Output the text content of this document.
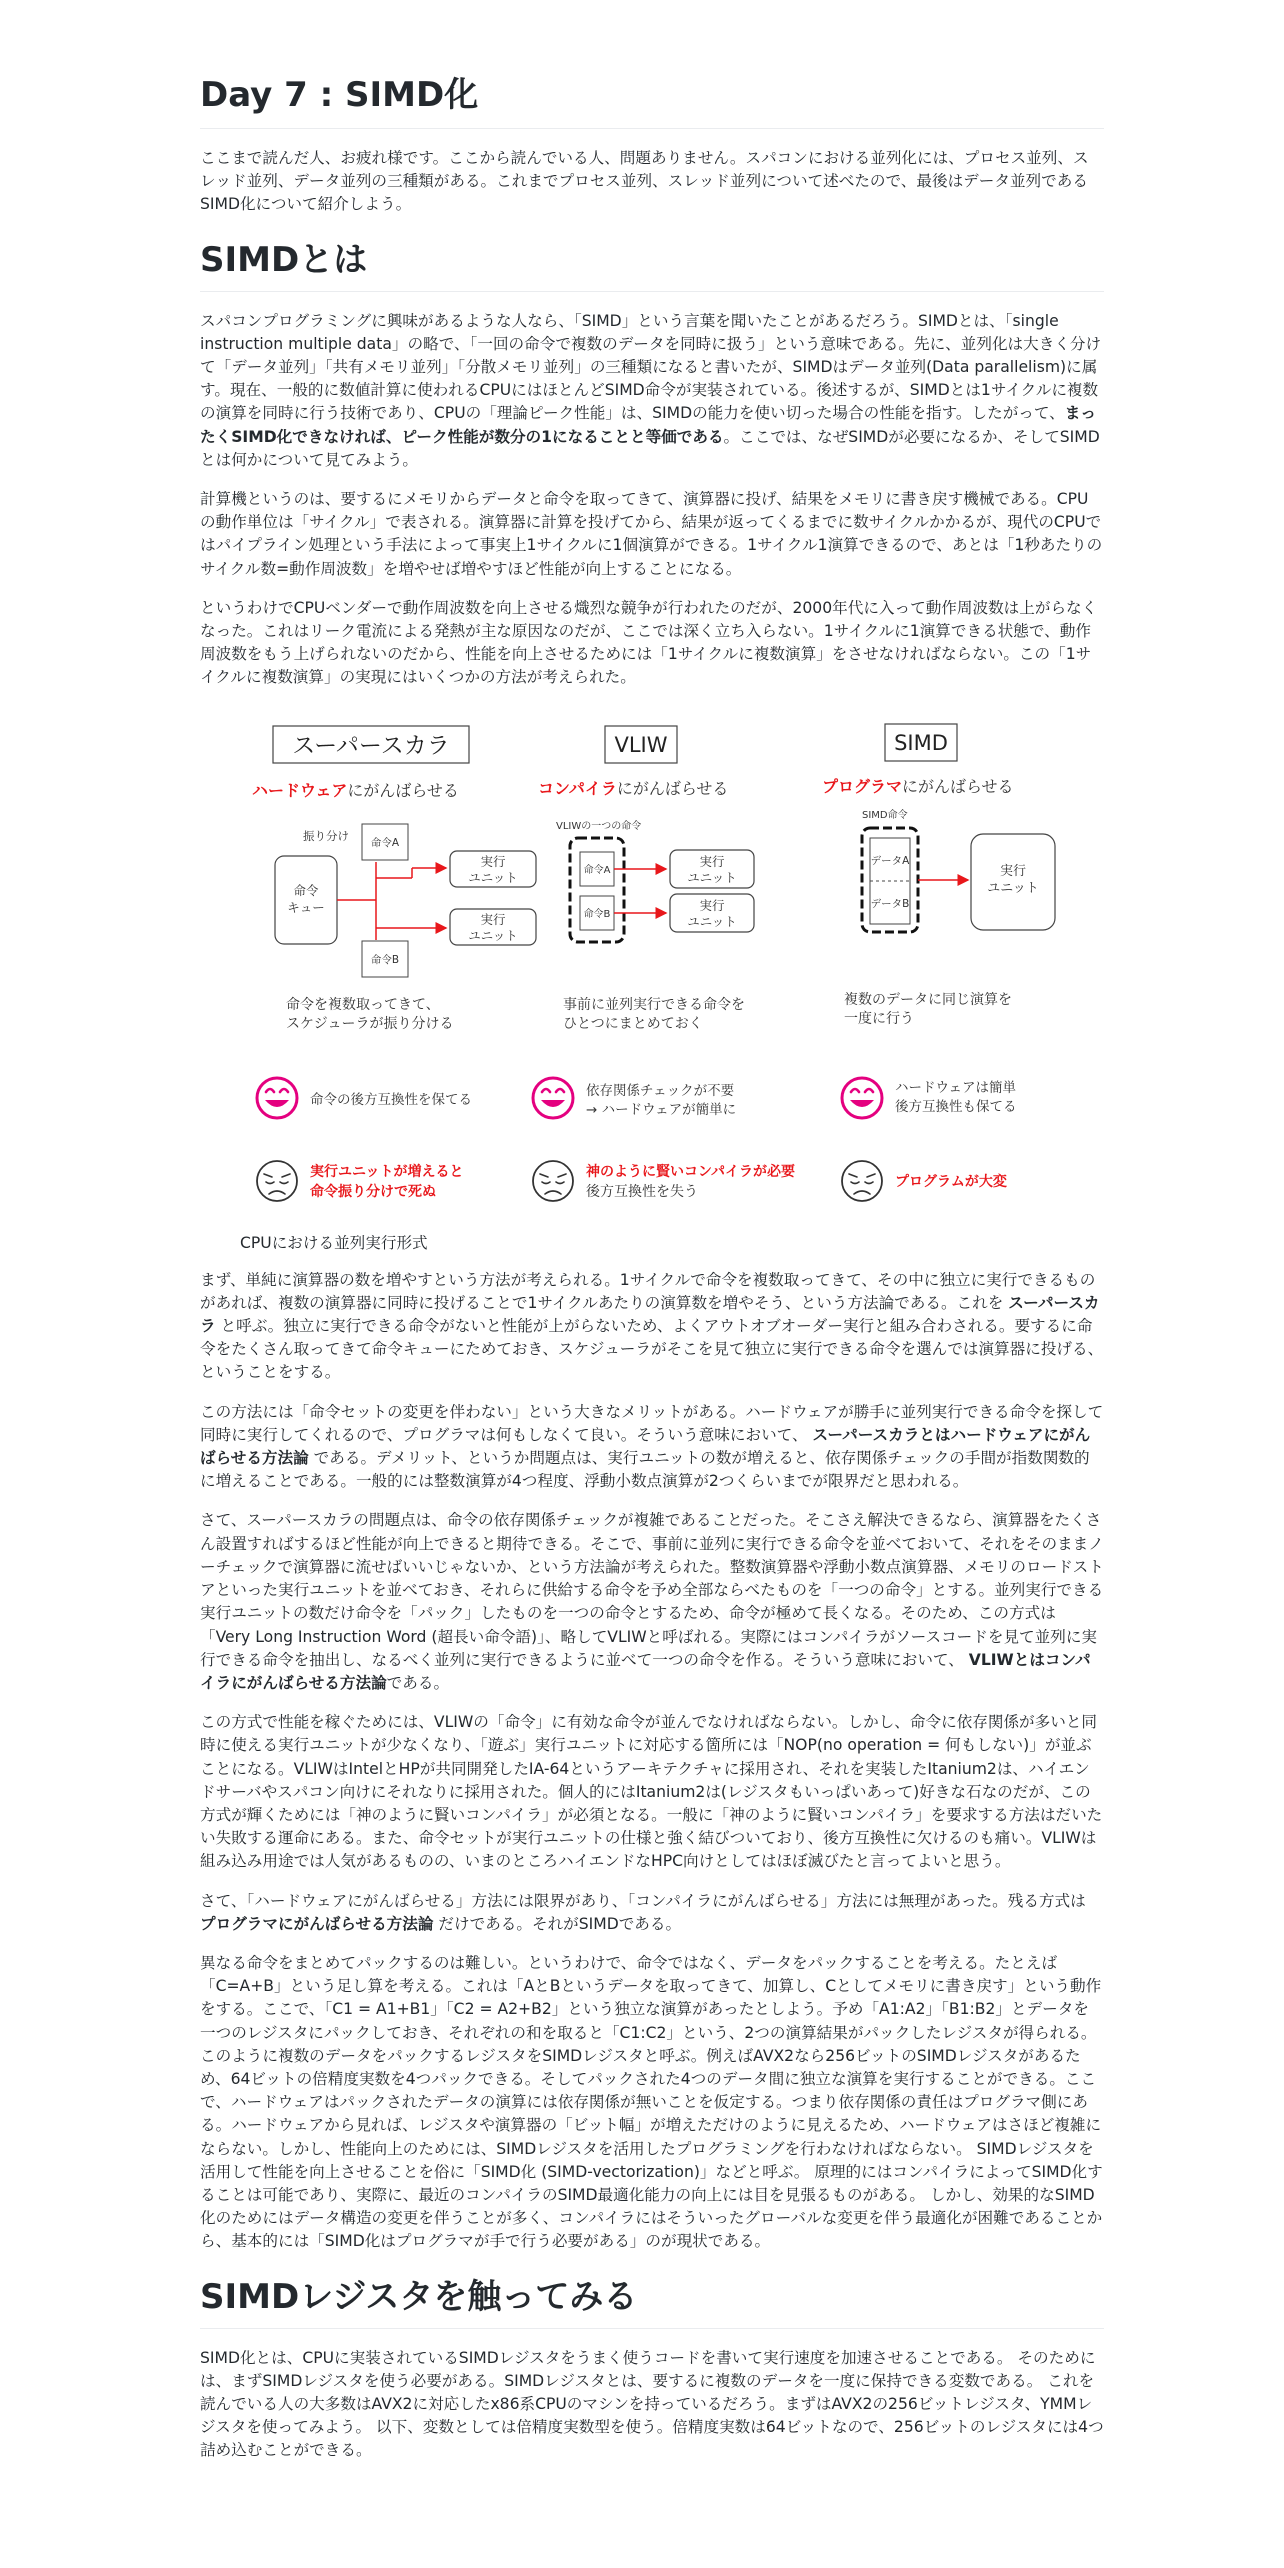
Day 7 : SIMD化

ここまで読んだ人、お疲れ様です。ここから読んでいる人、問題ありません。スパコンにおける並列化には、プロセス並列、スレッド並列、データ並列の三種類がある。これまでプロセス並列、スレッド並列について述べたので、最後はデータ並列であるSIMD化について紹介しよう。

SIMDとは

スパコンプログラミングに興味があるような人なら、「SIMD」という言葉を聞いたことがあるだろう。SIMDとは、「single instruction multiple data」の略で、「一回の命令で複数のデータを同時に扱う」という意味である。先に、並列化は大きく分けて「データ並列」「共有メモリ並列」「分散メモリ並列」の三種類になると書いたが、SIMDはデータ並列(Data parallelism)に属す。現在、一般的に数値計算に使われるCPUにはほとんどSIMD命令が実装されている。後述するが、SIMDとは1サイクルに複数の演算を同時に行う技術であり、CPUの「理論ピーク性能」は、SIMDの能力を使い切った場合の性能を指す。したがって、まったくSIMD化できなければ、ピーク性能が数分の1になることと等価である。ここでは、なぜSIMDが必要になるか、そしてSIMDとは何かについて見てみよう。

計算機というのは、要するにメモリからデータと命令を取ってきて、演算器に投げ、結果をメモリに書き戻す機械である。CPUの動作単位は「サイクル」で表される。演算器に計算を投げてから、結果が返ってくるまでに数サイクルかかるが、現代のCPUではパイプライン処理という手法によって事実上1サイクルに1個演算ができる。1サイクル1演算できるので、あとは「1秒あたりのサイクル数=動作周波数」を増やせば増やすほど性能が向上することになる。

というわけでCPUベンダーで動作周波数を向上させる熾烈な競争が行われたのだが、2000年代に入って動作周波数は上がらなくなった。これはリーク電流による発熱が主な原因なのだが、ここでは深く立ち入らない。1サイクルに1演算できる状態で、動作周波数をもう上げられないのだから、性能を向上させるためには「1サイクルに複数演算」をさせなければならない。この「1サイクルに複数演算」の実現にはいくつかの方法が考えられた。

スーパースカラ
ハードウェアにがんばらせる
振り分け
命令
キュー
命令A
命令B
実行
ユニット
実行
ユニット
命令を複数取ってきて、
スケジューラが振り分ける
命令の後方互換性を保てる
実行ユニットが増えると
命令振り分けで死ぬ
VLIW
コンパイラにがんばらせる
VLIWの一つの命令
命令A
命令B
実行
ユニット
実行
ユニット
事前に並列実行できる命令を
ひとつにまとめておく
依存関係チェックが不要
→ ハードウェアが簡単に
神のように賢いコンパイラが必要
後方互換性を失う
SIMD
プログラマにがんばらせる
SIMD命令
データA
データB
実行
ユニット
複数のデータに同じ演算を
一度に行う
ハードウェアは簡単
後方互換性も保てる
プログラムが大変
CPUにおける並列実行形式

まず、単純に演算器の数を増やすという方法が考えられる。1サイクルで命令を複数取ってきて、その中に独立に実行できるものがあれば、複数の演算器に同時に投げることで1サイクルあたりの演算数を増やそう、という方法論である。これを スーパースカラ と呼ぶ。独立に実行できる命令がないと性能が上がらないため、よくアウトオブオーダー実行と組み合わされる。要するに命令をたくさん取ってきて命令キューにためておき、スケジューラがそこを見て独立に実行できる命令を選んでは演算器に投げる、ということをする。

この方法には「命令セットの変更を伴わない」という大きなメリットがある。ハードウェアが勝手に並列実行できる命令を探して同時に実行してくれるので、プログラマは何もしなくて良い。そういう意味において、 スーパースカラとはハードウェアにがんばらせる方法論 である。デメリット、というか問題点は、実行ユニットの数が増えると、依存関係チェックの手間が指数関数的に増えることである。一般的には整数演算が4つ程度、浮動小数点演算が2つくらいまでが限界だと思われる。

さて、スーパースカラの問題点は、命令の依存関係チェックが複雑であることだった。そこさえ解決できるなら、演算器をたくさん設置すればするほど性能が向上できると期待できる。そこで、事前に並列に実行できる命令を並べておいて、それをそのままノーチェックで演算器に流せばいいじゃないか、という方法論が考えられた。整数演算器や浮動小数点演算器、メモリのロードストアといった実行ユニットを並べておき、それらに供給する命令を予め全部ならべたものを「一つの命令」とする。並列実行できる実行ユニットの数だけ命令を「パック」したものを一つの命令とするため、命令が極めて長くなる。そのため、この方式は「Very Long Instruction Word (超長い命令語)」、略してVLIWと呼ばれる。実際にはコンパイラがソースコードを見て並列に実行できる命令を抽出し、なるべく並列に実行できるように並べて一つの命令を作る。そういう意味において、 VLIWとはコンパイラにがんばらせる方法論である。

この方式で性能を稼ぐためには、VLIWの「命令」に有効な命令が並んでなければならない。しかし、命令に依存関係が多いと同時に使える実行ユニットが少なくなり、「遊ぶ」実行ユニットに対応する箇所には「NOP(no operation = 何もしない)」が並ぶことになる。VLIWはIntelとHPが共同開発したIA-64というアーキテクチャに採用され、それを実装したItanium2は、ハイエンドサーバやスパコン向けにそれなりに採用された。個人的にはItanium2は(レジスタもいっぱいあって)好きな石なのだが、この方式が輝くためには「神のように賢いコンパイラ」が必須となる。一般に「神のように賢いコンパイラ」を要求する方法はだいたい失敗する運命にある。また、命令セットが実行ユニットの仕様と強く結びついており、後方互換性に欠けるのも痛い。VLIWは組み込み用途では人気があるものの、いまのところハイエンドなHPC向けとしてはほぼ滅びたと言ってよいと思う。

さて、「ハードウェアにがんばらせる」方法には限界があり、「コンパイラにがんばらせる」方法には無理があった。残る方式は プログラマにがんばらせる方法論 だけである。それがSIMDである。

異なる命令をまとめてパックするのは難しい。というわけで、命令ではなく、データをパックすることを考える。たとえば「C=A+B」という足し算を考える。これは「AとBというデータを取ってきて、加算し、Cとしてメモリに書き戻す」という動作をする。ここで、「C1 = A1+B1」「C2 = A2+B2」という独立な演算があったとしよう。予め「A1:A2」「B1:B2」とデータを一つのレジスタにパックしておき、それぞれの和を取ると「C1:C2」という、2つの演算結果がパックしたレジスタが得られる。このように複数のデータをパックするレジスタをSIMDレジスタと呼ぶ。例えばAVX2なら256ビットのSIMDレジスタがあるため、64ビットの倍精度実数を4つパックできる。そしてパックされた4つのデータ間に独立な演算を実行することができる。ここで、ハードウェアはパックされたデータの演算には依存関係が無いことを仮定する。つまり依存関係の責任はプログラマ側にある。ハードウェアから見れば、レジスタや演算器の「ビット幅」が増えただけのように見えるため、ハードウェアはさほど複雑にならない。しかし、性能向上のためには、SIMDレジスタを活用したプログラミングを行わなければならない。 SIMDレジスタを活用して性能を向上させることを俗に「SIMD化 (SIMD-vectorization)」などと呼ぶ。 原理的にはコンパイラによってSIMD化することは可能であり、実際に、最近のコンパイラのSIMD最適化能力の向上には目を見張るものがある。 しかし、効果的なSIMD化のためにはデータ構造の変更を伴うことが多く、コンパイラにはそういったグローバルな変更を伴う最適化が困難であることから、基本的には「SIMD化はプログラマが手で行う必要がある」のが現状である。

SIMDレジスタを触ってみる

SIMD化とは、CPUに実装されているSIMDレジスタをうまく使うコードを書いて実行速度を加速させることである。 そのためには、まずSIMDレジスタを使う必要がある。SIMDレジスタとは、要するに複数のデータを一度に保持できる変数である。 これを読んでいる人の大多数はAVX2に対応したx86系CPUのマシンを持っているだろう。まずはAVX2の256ビットレジスタ、YMMレジスタを使ってみよう。 以下、変数としては倍精度実数型を使う。倍精度実数は64ビットなので、256ビットのレジスタには4つ詰め込むことができる。
